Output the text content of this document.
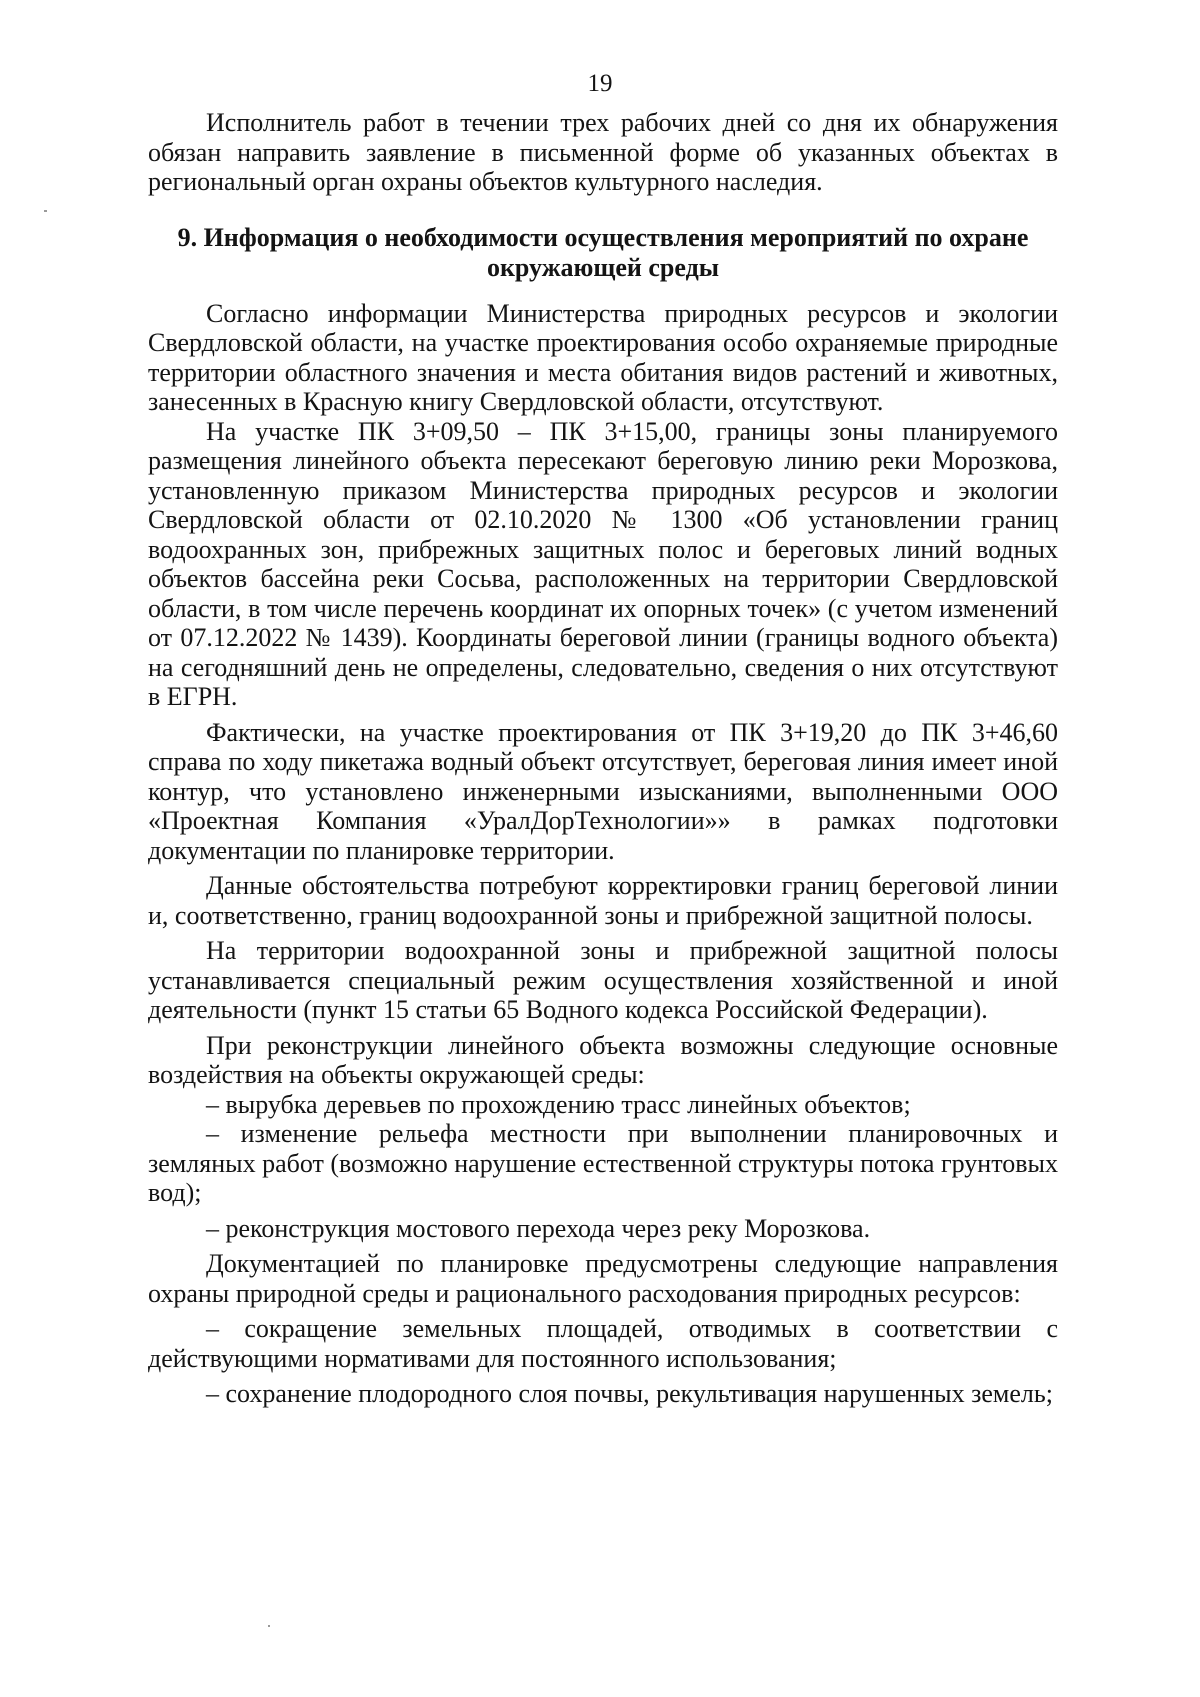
19

Исполнитель работ в течении трех рабочих дней со дня их обнаружения обязан направить заявление в письменной форме об указанных объектах в региональный орган охраны объектов культурного наследия.

9. Информация о необходимости осуществления мероприятий по охране окружающей среды

Согласно информации Министерства природных ресурсов и экологии Свердловской области, на участке проектирования особо охраняемые природные территории областного значения и места обитания видов растений и животных, занесенных в Красную книгу Свердловской области, отсутствуют.

На участке ПК 3+09,50 – ПК 3+15,00, границы зоны планируемого размещения линейного объекта пересекают береговую линию реки Морозкова, установленную приказом Министерства природных ресурсов и экологии Свердловской области от 02.10.2020 № 1300 «Об установлении границ водоохранных зон, прибрежных защитных полос и береговых линий водных объектов бассейна реки Сосьва, расположенных на территории Свердловской области, в том числе перечень координат их опорных точек» (с учетом изменений от 07.12.2022 № 1439). Координаты береговой линии (границы водного объекта) на сегодняшний день не определены, следовательно, сведения о них отсутствуют в ЕГРН.

Фактически, на участке проектирования от ПК 3+19,20 до ПК 3+46,60 справа по ходу пикетажа водный объект отсутствует, береговая линия имеет иной контур, что установлено инженерными изысканиями, выполненными ООО «Проектная Компания «УралДорТехнологии»» в рамках подготовки документации по планировке территории.

Данные обстоятельства потребуют корректировки границ береговой линии и, соответственно, границ водоохранной зоны и прибрежной защитной полосы.

На территории водоохранной зоны и прибрежной защитной полосы устанавливается специальный режим осуществления хозяйственной и иной деятельности (пункт 15 статьи 65 Водного кодекса Российской Федерации).

При реконструкции линейного объекта возможны следующие основные воздействия на объекты окружающей среды:

– вырубка деревьев по прохождению трасс линейных объектов;

– изменение рельефа местности при выполнении планировочных и земляных работ (возможно нарушение естественной структуры потока грунтовых вод);

– реконструкция мостового перехода через реку Морозкова.

Документацией по планировке предусмотрены следующие направления охраны природной среды и рационального расходования природных ресурсов:

– сокращение земельных площадей, отводимых в соответствии с действующими нормативами для постоянного использования;

– сохранение плодородного слоя почвы, рекультивация нарушенных земель;
